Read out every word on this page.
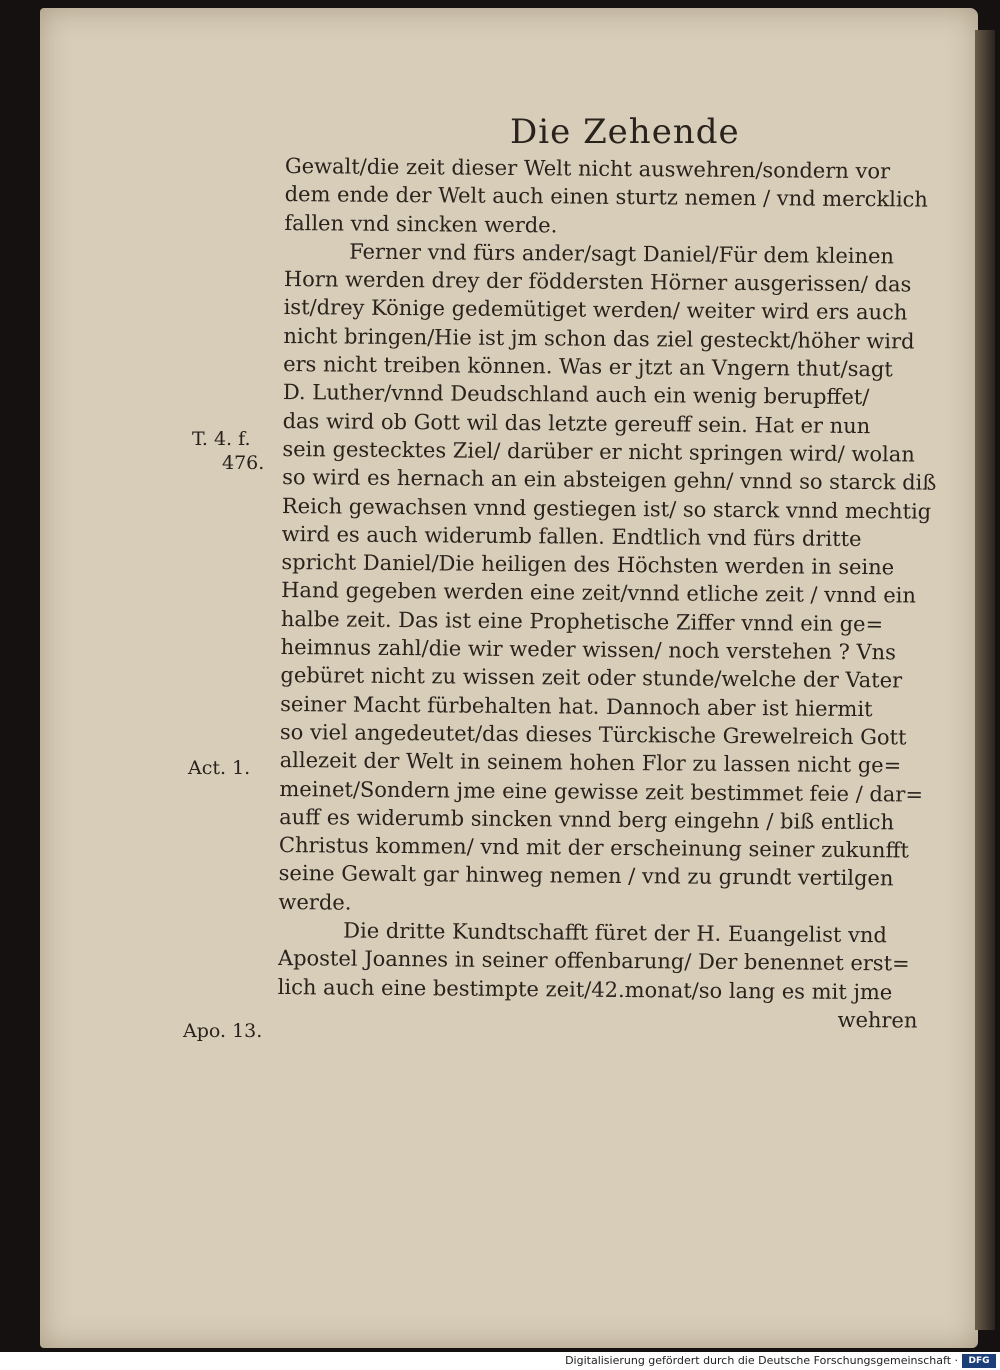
Die Zehende
T. 4. f.
476.
Act. 1.
Apo. 13.
Gewalt/die zeit dieser Welt nicht auswehren/sondern vor
dem ende der Welt auch einen sturtz nemen / vnd mercklich
fallen vnd sincken werde.
Ferner vnd fürs ander/sagt Daniel/Für dem kleinen
Horn werden drey der föddersten Hörner ausgerissen/ das
ist/drey Könige gedemütiget werden/ weiter wird ers auch
nicht bringen/Hie ist jm schon das ziel gesteckt/höher wird
ers nicht treiben können. Was er jtzt an Vngern thut/sagt
D. Luther/vnnd Deudschland auch ein wenig berupffet/
das wird ob Gott wil das letzte gereuff sein. Hat er nun
sein gestecktes Ziel/ darüber er nicht springen wird/ wolan
so wird es hernach an ein absteigen gehn/ vnnd so starck diß
Reich gewachsen vnnd gestiegen ist/ so starck vnnd mechtig
wird es auch widerumb fallen. Endtlich vnd fürs dritte
spricht Daniel/Die heiligen des Höchsten werden in seine
Hand gegeben werden eine zeit/vnnd etliche zeit / vnnd ein
halbe zeit. Das ist eine Prophetische Ziffer vnnd ein ge=
heimnus zahl/die wir weder wissen/ noch verstehen ? Vns
gebüret nicht zu wissen zeit oder stunde/welche der Vater
seiner Macht fürbehalten hat. Dannoch aber ist hiermit
so viel angedeutet/das dieses Türckische Grewelreich Gott
allezeit der Welt in seinem hohen Flor zu lassen nicht ge=
meinet/Sondern jme eine gewisse zeit bestimmet feie / dar=
auff es widerumb sincken vnnd berg eingehn / biß entlich
Christus kommen/ vnd mit der erscheinung seiner zukunfft
seine Gewalt gar hinweg nemen / vnd zu grundt vertilgen
werde.
Die dritte Kundtschafft füret der H. Euangelist vnd
Apostel Joannes in seiner offenbarung/ Der benennet erst=
lich auch eine bestimpte zeit/42.monat/so lang es mit jme
wehren
Digitalisierung gefördert durch die Deutsche Forschungsgemeinschaft ·	DFG
